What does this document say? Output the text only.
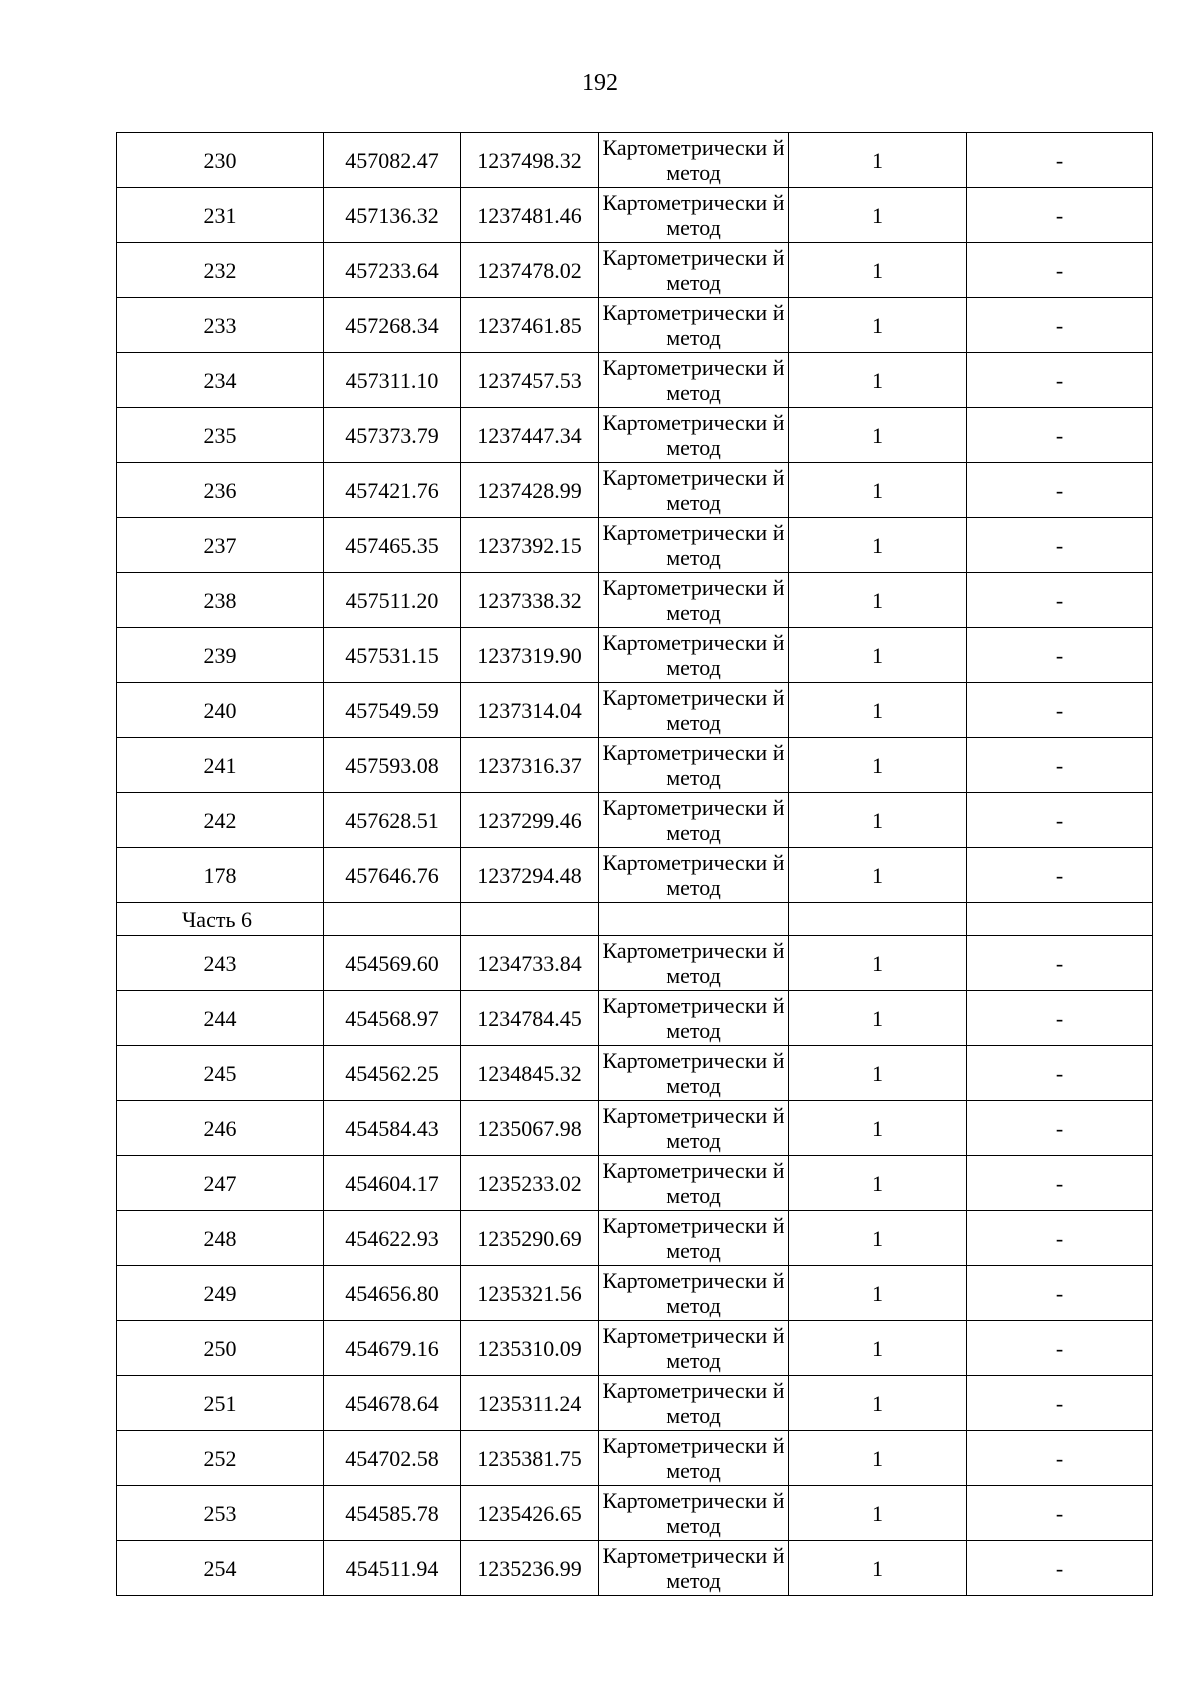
192
230	457082.47	1237498.32	Картометрически й метод	1	-
231	457136.32	1237481.46	Картометрически й метод	1	-
232	457233.64	1237478.02	Картометрически й метод	1	-
233	457268.34	1237461.85	Картометрически й метод	1	-
234	457311.10	1237457.53	Картометрически й метод	1	-
235	457373.79	1237447.34	Картометрически й метод	1	-
236	457421.76	1237428.99	Картометрически й метод	1	-
237	457465.35	1237392.15	Картометрически й метод	1	-
238	457511.20	1237338.32	Картометрически й метод	1	-
239	457531.15	1237319.90	Картометрически й метод	1	-
240	457549.59	1237314.04	Картометрически й метод	1	-
241	457593.08	1237316.37	Картометрически й метод	1	-
242	457628.51	1237299.46	Картометрически й метод	1	-
178	457646.76	1237294.48	Картометрически й метод	1	-
Часть 6					
243	454569.60	1234733.84	Картометрически й метод	1	-
244	454568.97	1234784.45	Картометрически й метод	1	-
245	454562.25	1234845.32	Картометрически й метод	1	-
246	454584.43	1235067.98	Картометрически й метод	1	-
247	454604.17	1235233.02	Картометрически й метод	1	-
248	454622.93	1235290.69	Картометрически й метод	1	-
249	454656.80	1235321.56	Картометрически й метод	1	-
250	454679.16	1235310.09	Картометрически й метод	1	-
251	454678.64	1235311.24	Картометрически й метод	1	-
252	454702.58	1235381.75	Картометрически й метод	1	-
253	454585.78	1235426.65	Картометрически й метод	1	-
254	454511.94	1235236.99	Картометрически й метод	1	-
